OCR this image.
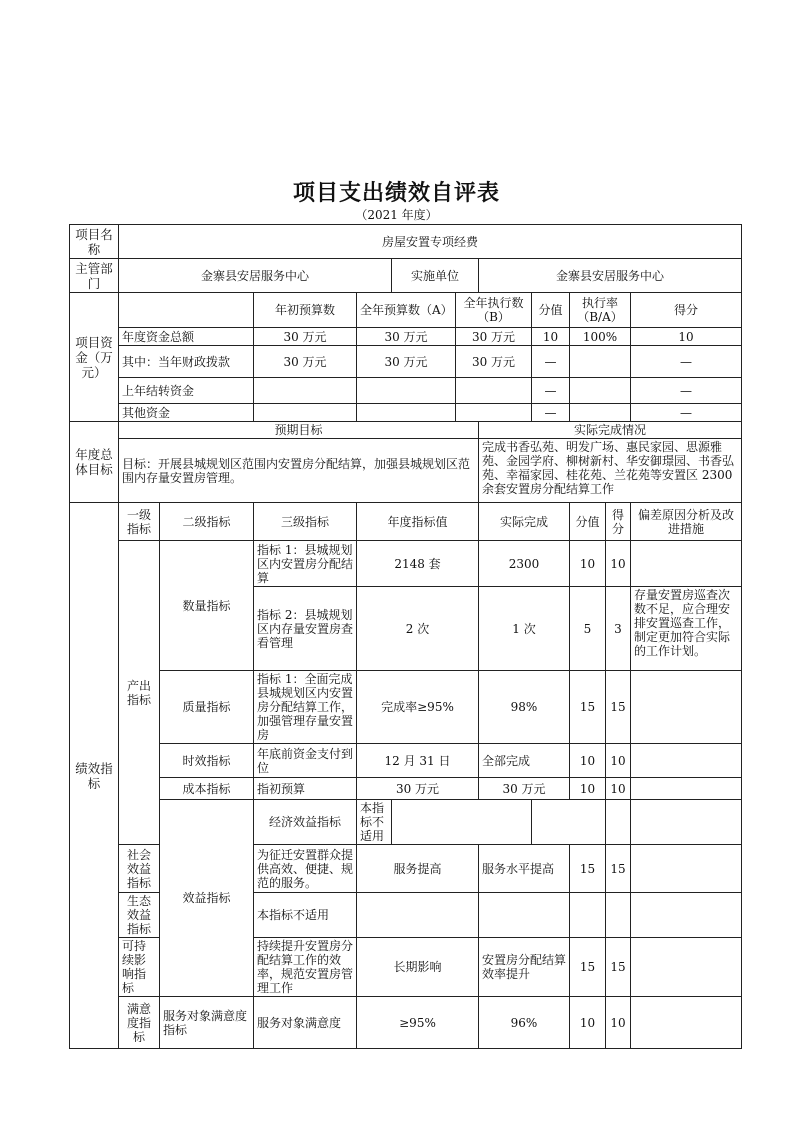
项目支出绩效自评表
（2021 年度）
项目名称	房屋安置专项经费											
主管部门	金寨县安居服务中心				实施单位		金寨县安居服务中心					
项目资金（万元）			年初预算数	全年预算数（A）		全年执行数（B）		分值	执行率（B/A）		得分	
	年度资金总额		30 万元	30 万元		30 万元		10	100%		10	
	其中：当年财政拨款		30 万元	30 万元		30 万元		—			—	
	上年结转资金							—			—	
	其他资金							—			—	
年度总体目标	预期目标						实际完成情况					
	目标：开展县城规划区范围内安置房分配结算，加强县城规划区范围内存量安置房管理。						完成书香弘苑、明发广场、惠民家园、思源雅苑、金园学府、柳树新村、华安御璟园、书香弘苑、幸福家园、桂花苑、兰花苑等安置区 2300 余套安置房分配结算工作					
绩效指标	一级指标	二级指标	三级指标	年度指标值			实际完成		分值	得分	偏差原因分析及改进措施	
	产出指标	数量指标	指标 1：县城规划区内安置房分配结算	2148 套			2300		10	10		
			指标 2：县城规划区内存量安置房查看管理	2 次			1 次		5	3	存量安置房巡查次数不足，应合理安排安置巡查工作，制定更加符合实际的工作计划。	
		质量指标	指标 1：全面完成县城规划区内安置房分配结算工作，加强管理存量安置房	完成率≥95%			98%		15	15		
		时效指标	年底前资金支付到位	12 月 31 日			全部完成		10	10		
		成本指标	指初预算	30 万元			30 万元		10	10		
		效益指标	经济效益指标	本指标不适用								
	社会效益指标		为征迁安置群众提供高效、便捷、规范的服务。	服务提高			服务水平提高		15	15		
	生态效益指标		本指标不适用									
	可持续影响指标		持续提升安置房分配结算工作的效率，规范安置房管理工作	长期影响			安置房分配结算效率提升		15	15		
	满意度指标	服务对象满意度指标	服务对象满意度	≥95%			96%		10	10		
